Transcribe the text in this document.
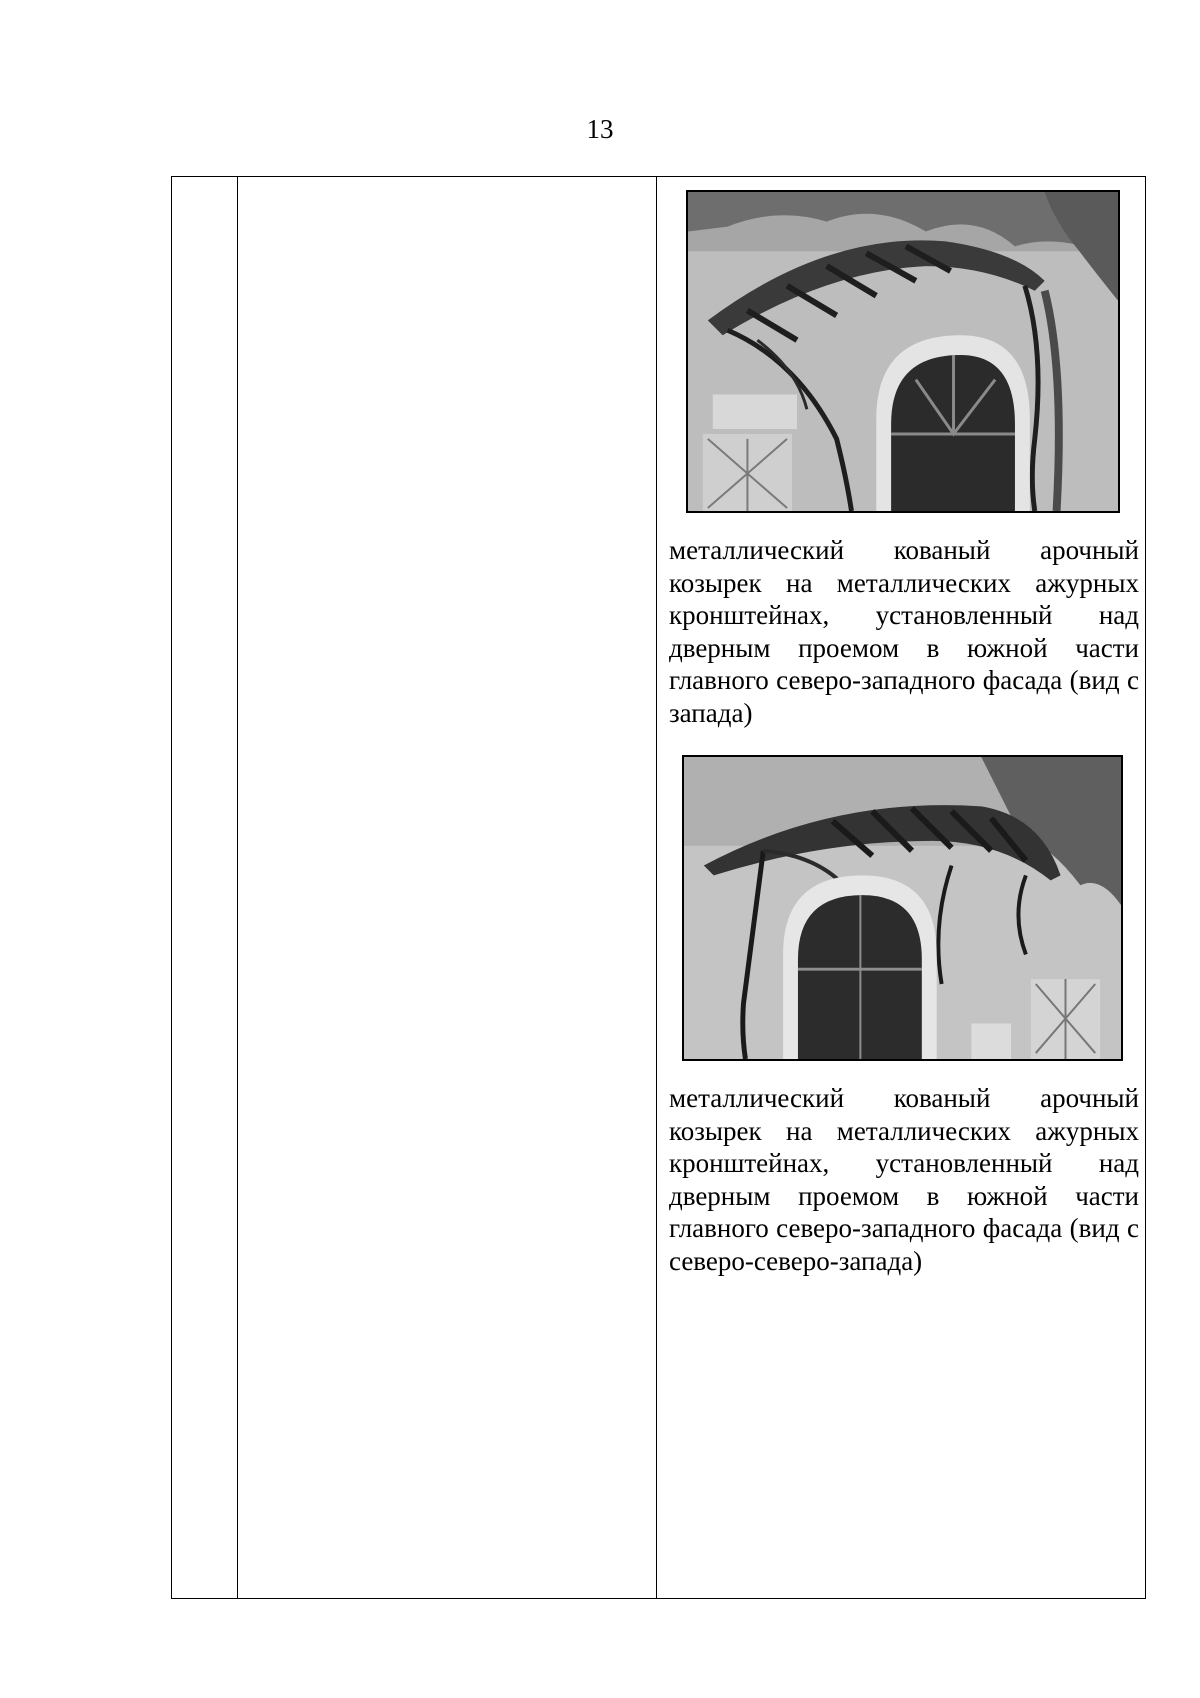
13
металлический кованый арочный козырек на металлических ажурных кронштейнах, установленный над дверным проемом в южной части главного северо-западного фасада (вид с запада)
металлический кованый арочный козырек на металлических ажурных кронштейнах, установленный над дверным проемом в южной части главного северо-западного фасада (вид с северо-северо-запада)
